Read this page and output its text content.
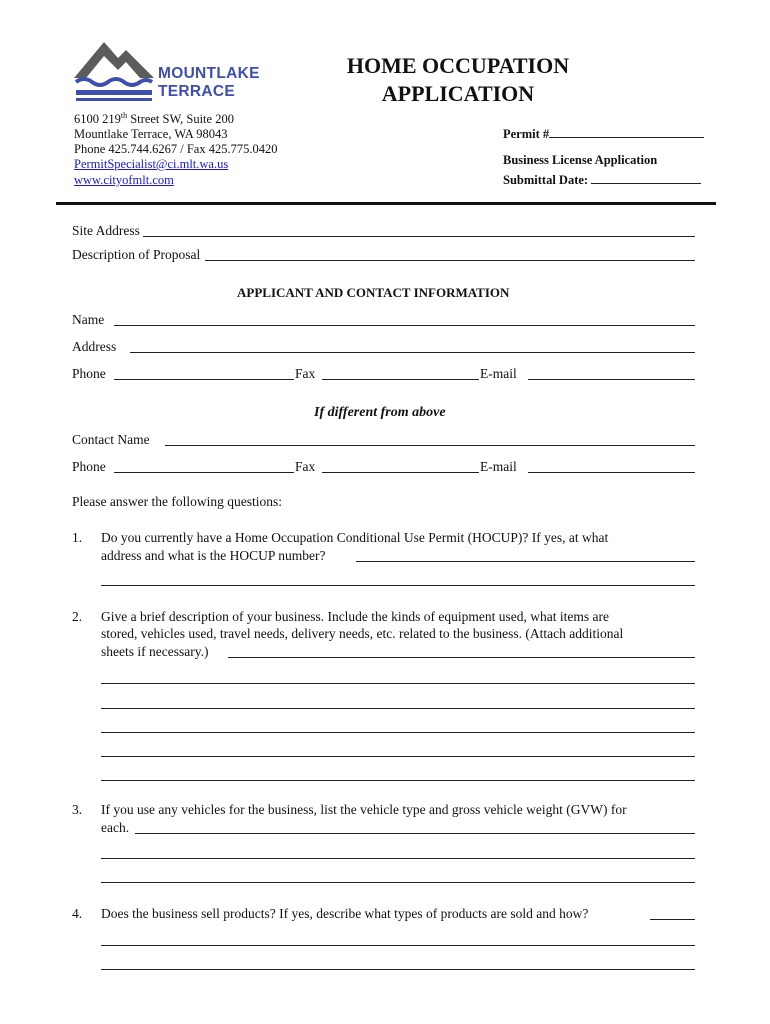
MOUNTLAKE
TERRACE
HOME OCCUPATION
APPLICATION
6100 219th Street SW, Suite 200
Mountlake Terrace, WA 98043
Phone 425.744.6267 / Fax 425.775.0420
PermitSpecialist@ci.mlt.wa.us
www.cityofmlt.com
Permit #
Business License Application
Submittal Date:
Site Address
Description of Proposal
APPLICANT AND CONTACT INFORMATION
Name
Address
Phone	Fax	E-mail
If different from above
Contact Name
Phone	Fax	E-mail
Please answer the following questions:
1. Do you currently have a Home Occupation Conditional Use Permit (HOCUP)? If yes, at what
address and what is the HOCUP number?
2. Give a brief description of your business. Include the kinds of equipment used, what items are
stored, vehicles used, travel needs, delivery needs, etc. related to the business. (Attach additional
sheets if necessary.)
3. If you use any vehicles for the business, list the vehicle type and gross vehicle weight (GVW) for
each.
4. Does the business sell products? If yes, describe what types of products are sold and how?
